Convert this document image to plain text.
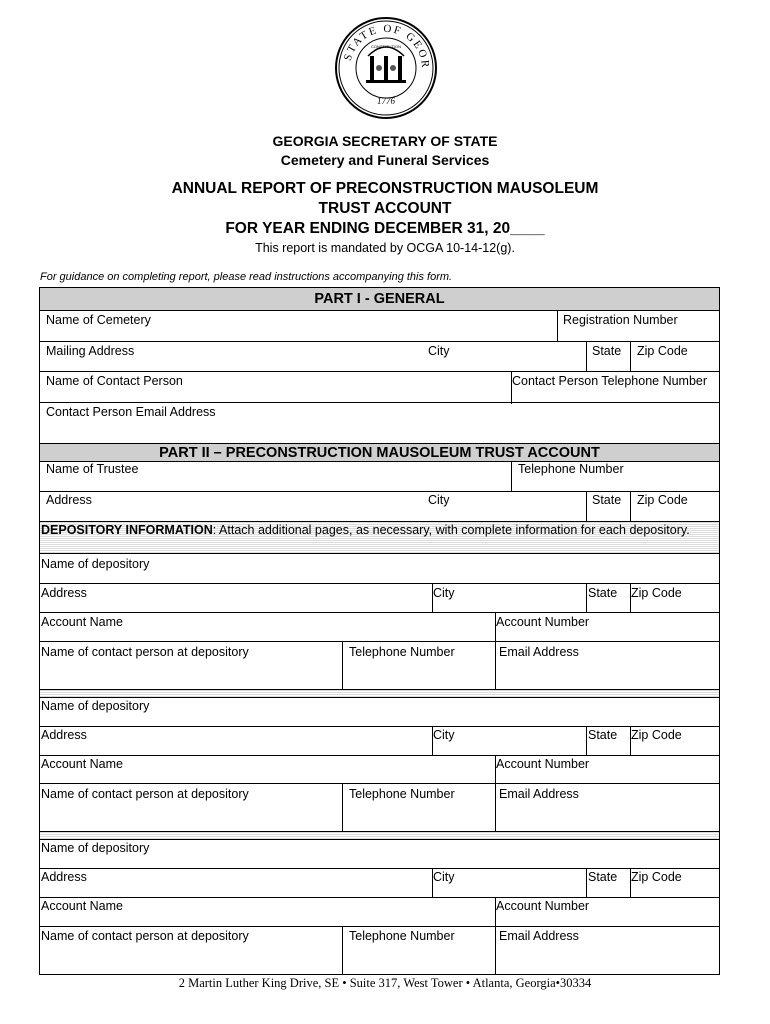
STATE OF GEOR
CONSTITUTION
1776
GEORGIA SECRETARY OF STATE
Cemetery and Funeral Services
ANNUAL REPORT OF PRECONSTRUCTION MAUSOLEUM
TRUST ACCOUNT
FOR YEAR ENDING DECEMBER 31, 20____
This report is mandated by OCGA 10-14-12(g).
For guidance on completing report, please read instructions accompanying this form.
PART I - GENERAL
Name of Cemetery	Registration Number
Mailing Address	City	State Zip Code
Name of Contact Person	Contact Person Telephone Number
Contact Person Email Address
PART II – PRECONSTRUCTION MAUSOLEUM TRUST ACCOUNT
Name of Trustee	Telephone Number
Address	City	State Zip Code
DEPOSITORY INFORMATION: Attach additional pages, as necessary, with complete information for each depository.
Name of depository
Address	City	State Zip Code
Account Name	Account Number
Name of contact person at depository	Telephone Number	Email Address
Name of depository
Address	City	State Zip Code
Account Name	Account Number
Name of contact person at depository	Telephone Number	Email Address
Name of depository
Address	City	State Zip Code
Account Name	Account Number
Name of contact person at depository	Telephone Number	Email Address
2 Martin Luther King Drive, SE • Suite 317, West Tower • Atlanta, Georgia•30334
